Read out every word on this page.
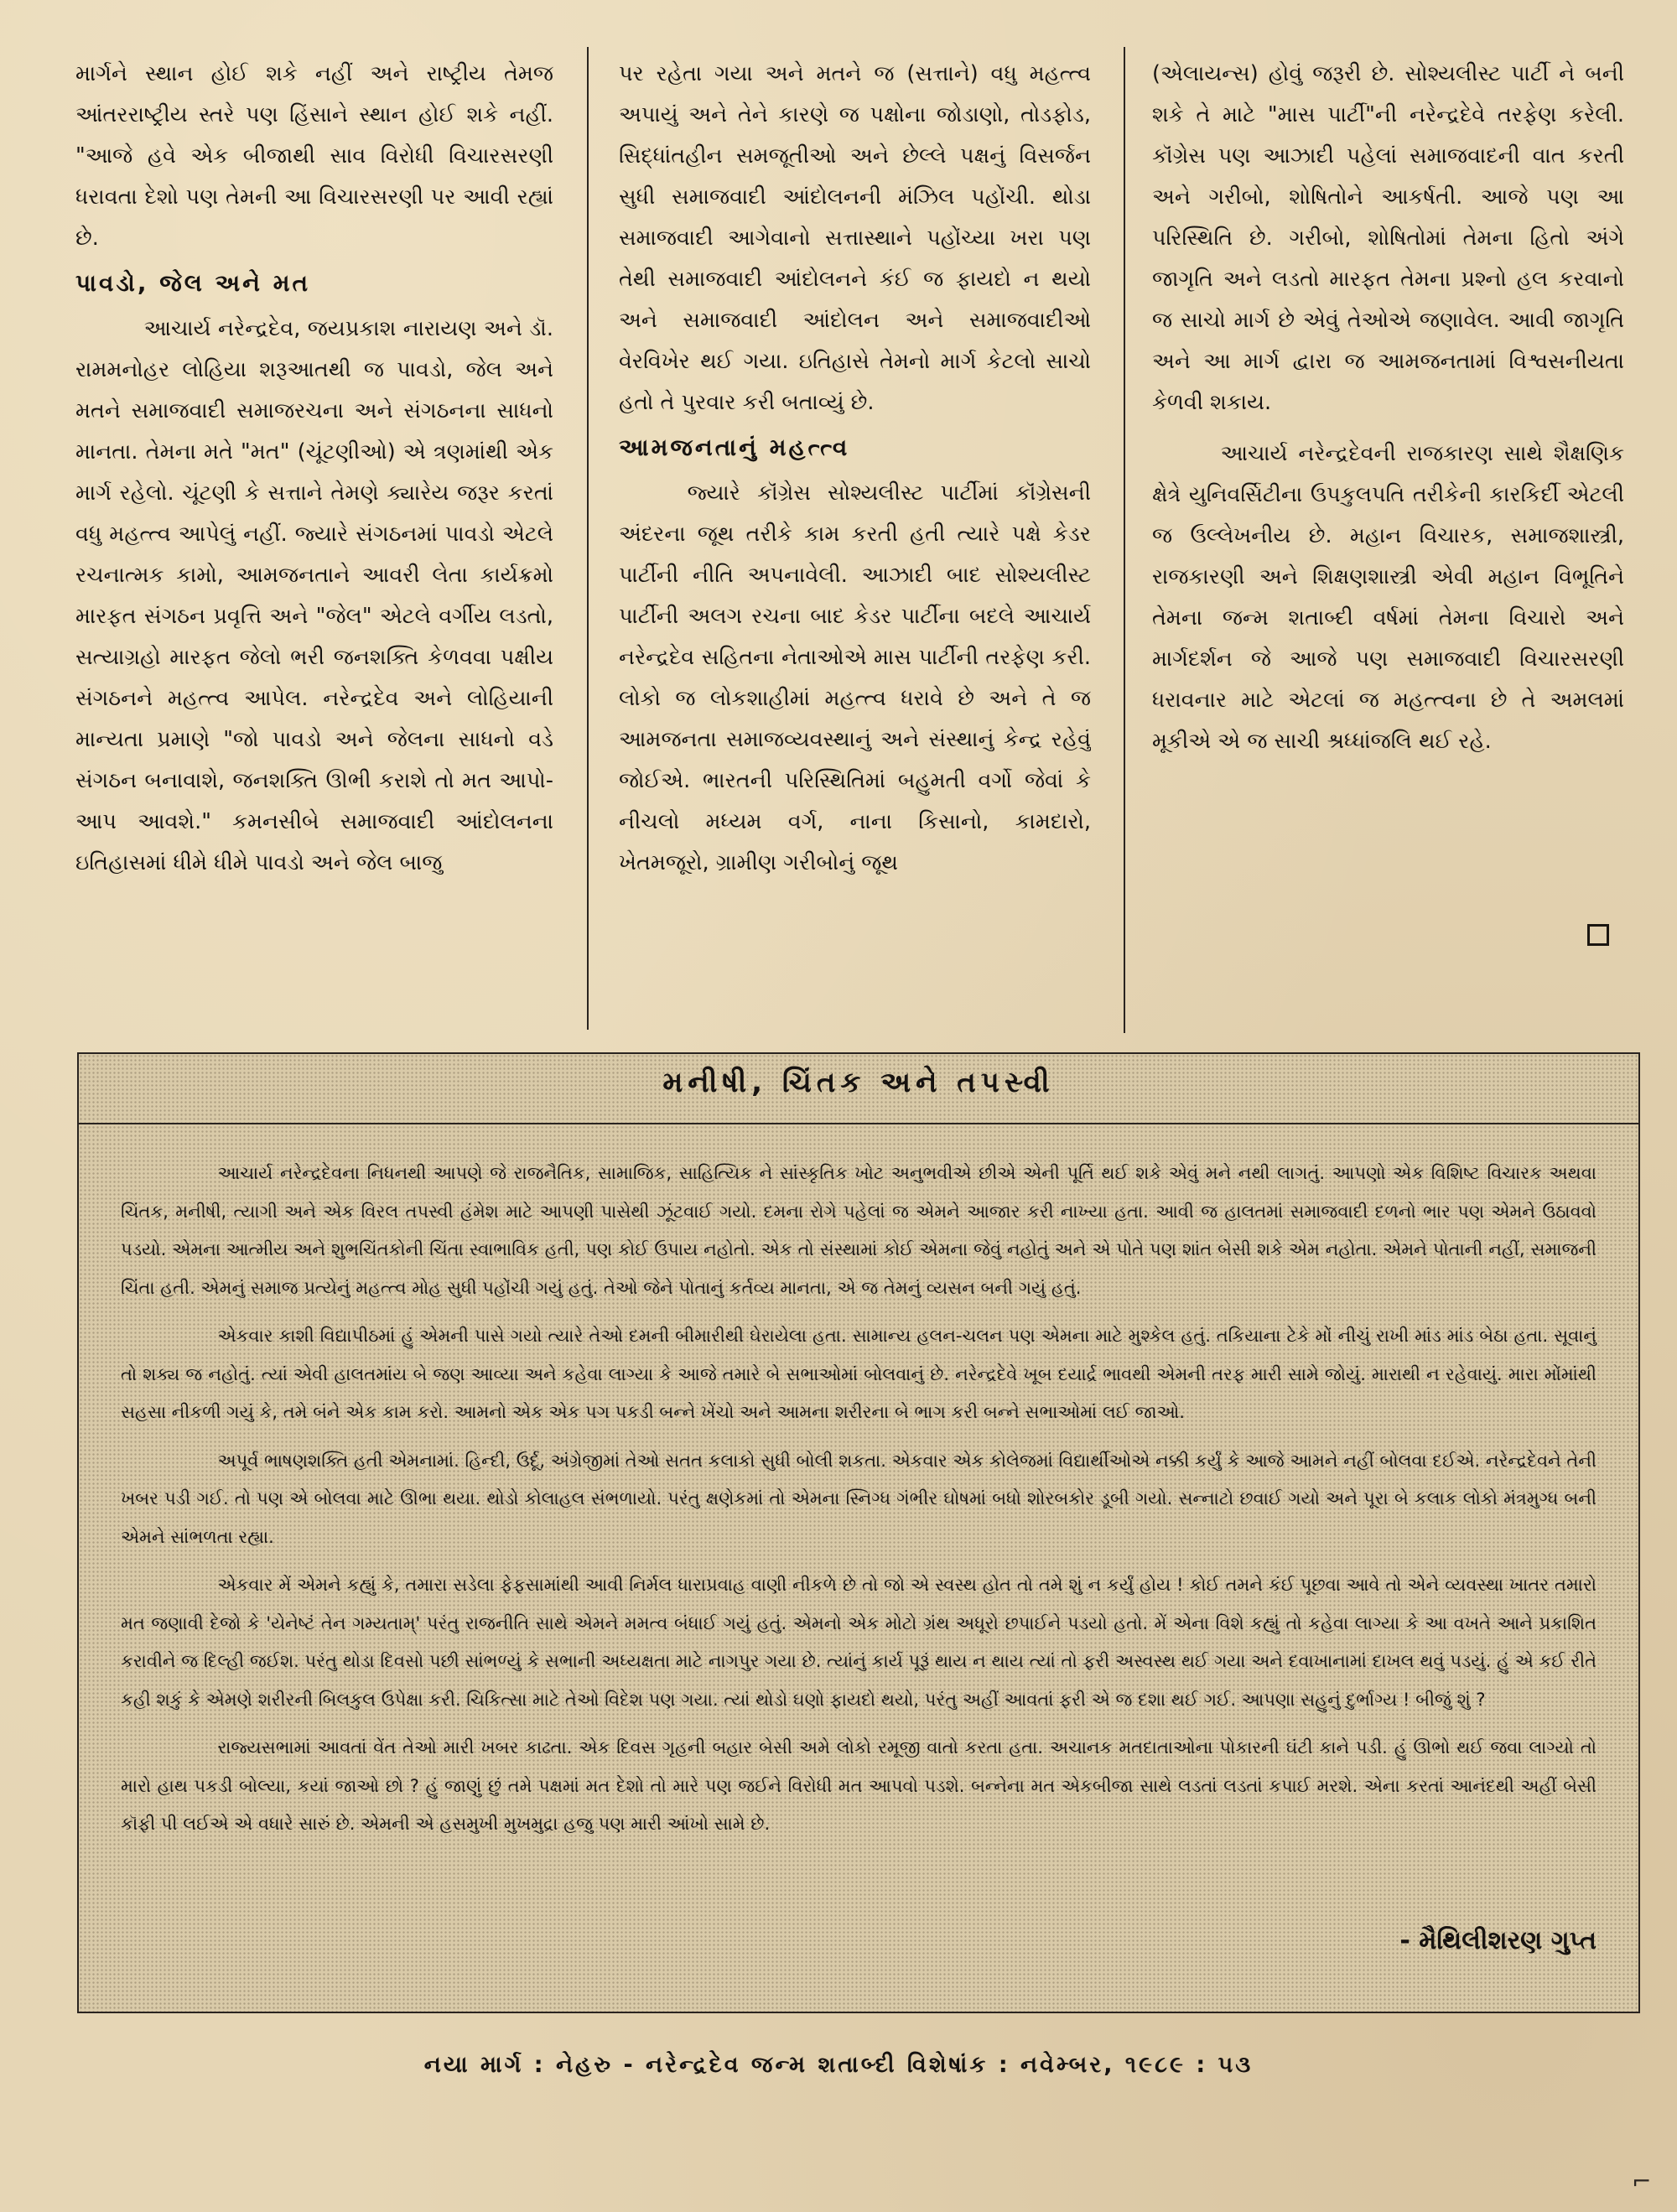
માર્ગને સ્થાન હોઈ શકે નહીં અને રાષ્ટ્રીય તેમજ આંતરરાષ્ટ્રીય સ્તરે પણ હિંસાને સ્થાન હોઈ શકે નહીં. "આજે હવે એક બીજાથી સાવ વિરોધી વિચારસરણી ધરાવતા દેશો પણ તેમની આ વિચારસરણી પર આવી રહ્યાં છે.

પાવડો, જેલ અને મત

આચાર્ય નરેન્દ્રદેવ, જયપ્રકાશ નારાયણ અને ડૉ. રામમનોહર લોહિયા શરૂઆતથી જ પાવડો, જેલ અને મતને સમાજવાદી સમાજરચના અને સંગઠનના સાધનો માનતા. તેમના મતે "મત" (ચૂંટણીઓ) એ ત્રણમાંથી એક માર્ગ રહેલો. ચૂંટણી કે સત્તાને તેમણે ક્યારેય જરૂર કરતાં વધુ મહત્ત્વ આપેલું નહીં. જ્યારે સંગઠનમાં પાવડો એટલે રચનાત્મક કામો, આમજનતાને આવરી લેતા કાર્યક્રમો મારફત સંગઠન પ્રવૃત્તિ અને "જેલ" એટલે વર્ગીય લડતો, સત્યાગ્રહો મારફત જેલો ભરી જનશક્તિ કેળવવા પક્ષીય સંગઠનને મહત્ત્વ આપેલ. નરેન્દ્રદેવ અને લોહિયાની માન્યતા પ્રમાણે "જો પાવડો અને જેલના સાધનો વડે સંગઠન બનાવાશે, જનશક્તિ ઊભી કરાશે તો મત આપો-આપ આવશે." કમનસીબે સમાજવાદી આંદોલનના ઇતિહાસમાં ધીમે ધીમે પાવડો અને જેલ બાજુ

પર રહેતા ગયા અને મતને જ (સત્તાને) વધુ મહત્ત્વ અપાયું અને તેને કારણે જ પક્ષોના જોડાણો, તોડફોડ, સિદ્ધાંતહીન સમજૂતીઓ અને છેલ્લે પક્ષનું વિસર્જન સુધી સમાજવાદી આંદોલનની મંઝિલ પહોંચી. થોડા સમાજવાદી આગેવાનો સત્તાસ્થાને પહોંચ્યા ખરા પણ તેથી સમાજવાદી આંદોલનને કંઈ જ ફાયદો ન થયો અને સમાજવાદી આંદોલન અને સમાજવાદીઓ વેરવિખેર થઈ ગયા. ઇતિહાસે તેમનો માર્ગ કેટલો સાચો હતો તે પુરવાર કરી બતાવ્યું છે.

આમજનતાનું મહત્ત્વ

જ્યારે કૉંગ્રેસ સોશ્યલીસ્ટ પાર્ટીમાં કૉંગ્રેસની અંદરના જૂથ તરીકે કામ કરતી હતી ત્યારે પક્ષે કેડર પાર્ટીની નીતિ અપનાવેલી. આઝાદી બાદ સોશ્યલીસ્ટ પાર્ટીની અલગ રચના બાદ કેડર પાર્ટીના બદલે આચાર્ય નરેન્દ્રદેવ સહિતના નેતાઓએ માસ પાર્ટીની તરફેણ કરી. લોકો જ લોકશાહીમાં મહત્ત્વ ધરાવે છે અને તે જ આમજનતા સમાજવ્યવસ્થાનું અને સંસ્થાનું કેન્દ્ર રહેવું જોઈએ. ભારતની પરિસ્થિતિમાં બહુમતી વર્ગો જેવાં કે નીચલો મધ્યમ વર્ગ, નાના કિસાનો, કામદારો, ખેતમજૂરો, ગ્રામીણ ગરીબોનું જૂથ

(એલાયન્સ) હોવું જરૂરી છે. સોશ્યલીસ્ટ પાર્ટી ને બની શકે તે માટે "માસ પાર્ટી"ની નરેન્દ્રદેવે તરફેણ કરેલી. કૉંગ્રેસ પણ આઝાદી પહેલાં સમાજવાદની વાત કરતી અને ગરીબો, શોષિતોને આકર્ષતી. આજે પણ આ પરિસ્થિતિ છે. ગરીબો, શોષિતોમાં તેમના હિતો અંગે જાગૃતિ અને લડતો મારફત તેમના પ્રશ્નો હલ કરવાનો જ સાચો માર્ગ છે એવું તેઓએ જણાવેલ. આવી જાગૃતિ અને આ માર્ગ દ્વારા જ આમજનતામાં વિશ્વસનીયતા કેળવી શકાય.

આચાર્ય નરેન્દ્રદેવની રાજકારણ સાથે શૈક્ષણિક ક્ષેત્રે યુનિવર્સિટીના ઉપકુલપતિ તરીકેની કારકિર્દી એટલી જ ઉલ્લેખનીય છે. મહાન વિચારક, સમાજશાસ્ત્રી, રાજકારણી અને શિક્ષણશાસ્ત્રી એવી મહાન વિભૂતિને તેમના જન્મ શતાબ્દી વર્ષમાં તેમના વિચારો અને માર્ગદર્શન જે આજે પણ સમાજવાદી વિચારસરણી ધરાવનાર માટે એટલાં જ મહત્ત્વના છે તે અમલમાં મૂકીએ એ જ સાચી શ્રધ્ધાંજલિ થઈ રહે.

મનીષી, ચિંતક અને તપસ્વી

આચાર્ય નરેન્દ્રદેવના નિધનથી આપણે જે રાજનૈતિક, સામાજિક, સાહિત્યિક ને સાંસ્કૃતિક ખોટ અનુભવીએ છીએ એની પૂર્તિ થઈ શકે એવું મને નથી લાગતું. આપણો એક વિશિષ્ટ વિચારક અથવા ચિંતક, મનીષી, ત્યાગી અને એક વિરલ તપસ્વી હંમેશ માટે આપણી પાસેથી ઝૂંટવાઈ ગયો. દમના રોગે પહેલાં જ એમને આજાર કરી નાખ્યા હતા. આવી જ હાલતમાં સમાજવાદી દળનો ભાર પણ એમને ઉઠાવવો પડયો. એમના આત્મીય અને શુભચિંતકોની ચિંતા સ્વાભાવિક હતી, પણ કોઈ ઉપાય નહોતો. એક તો સંસ્થામાં કોઈ એમના જેવું નહોતું અને એ પોતે પણ શાંત બેસી શકે એમ નહોતા. એમને પોતાની નહીં, સમાજની ચિંતા હતી. એમનું સમાજ પ્રત્યેનું મહત્ત્વ મોહ સુધી પહોંચી ગયું હતું. તેઓ જેને પોતાનું કર્તવ્ય માનતા, એ જ તેમનું વ્યસન બની ગયું હતું.

એકવાર કાશી વિદ્યાપીઠમાં હું એમની પાસે ગયો ત્યારે તેઓ દમની બીમારીથી ઘેરાયેલા હતા. સામાન્ય હલન-ચલન પણ એમના માટે મુશ્કેલ હતું. તકિયાના ટેકે મોં નીચું રાખી માંડ માંડ બેઠા હતા. સૂવાનું તો શક્ય જ નહોતું. ત્યાં એવી હાલતમાંય બે જણ આવ્યા અને કહેવા લાગ્યા કે આજે તમારે બે સભાઓમાં બોલવાનું છે. નરેન્દ્રદેવે ખૂબ દયાર્દ્ર ભાવથી એમની તરફ મારી સામે જોયું. મારાથી ન રહેવાયું. મારા મોંમાંથી સહસા નીકળી ગયું કે, તમે બંને એક કામ કરો. આમનો એક એક પગ પકડી બન્ને ખેંચો અને આમના શરીરના બે ભાગ કરી બન્ને સભાઓમાં લઈ જાઓ.

અપૂર્વ ભાષણશક્તિ હતી એમનામાં. હિન્દી, ઉર્દૂ, અંગ્રેજીમાં તેઓ સતત કલાકો સુધી બોલી શકતા. એકવાર એક કોલેજમાં વિદ્યાર્થીઓએ નક્કી કર્યું કે આજે આમને નહીં બોલવા દઈએ. નરેન્દ્રદેવને તેની ખબર પડી ગઈ. તો પણ એ બોલવા માટે ઊભા થયા. થોડો કોલાહલ સંભળાયો. પરંતુ ક્ષણેકમાં તો એમના સ્નિગ્ધ ગંભીર ઘોષમાં બધો શોરબકોર ડૂબી ગયો. સન્નાટો છવાઈ ગયો અને પૂરા બે કલાક લોકો મંત્રમુગ્ધ બની એમને સાંભળતા રહ્યા.

એકવાર મેં એમને કહ્યું કે, તમારા સડેલા ફેફસામાંથી આવી નિર્મલ ધારાપ્રવાહ વાણી નીકળે છે તો જો એ સ્વસ્થ હોત તો તમે શું ન કર્યું હોય ! કોઈ તમને કંઈ પૂછવા આવે તો એને વ્યવસ્થા ખાતર તમારો મત જણાવી દેજો કે 'યેનેષ્ટં તેન ગમ્યતામ્' પરંતુ રાજનીતિ સાથે એમને મમત્વ બંધાઈ ગયું હતું. એમનો એક મોટો ગ્રંથ અધૂરો છપાઈને પડયો હતો. મેં એના વિશે કહ્યું તો કહેવા લાગ્યા કે આ વખતે આને પ્રકાશિત કરાવીને જ દિલ્હી જઈશ. પરંતુ થોડા દિવસો પછી સાંભળ્યું કે સભાની અધ્યક્ષતા માટે નાગપુર ગયા છે. ત્યાંનું કાર્ય પૂરૂં થાય ન થાય ત્યાં તો ફરી અસ્વસ્થ થઈ ગયા અને દવાખાનામાં દાખલ થવું પડયું. હું એ કઈ રીતે કહી શકું કે એમણે શરીરની બિલકુલ ઉપેક્ષા કરી. ચિકિત્સા માટે તેઓ વિદેશ પણ ગયા. ત્યાં થોડો ઘણો ફાયદો થયો, પરંતુ અહીં આવતાં ફરી એ જ દશા થઈ ગઈ. આપણા સહુનું દુર્ભાગ્ય ! બીજું શું ?

રાજ્યસભામાં આવતાં વેંત તેઓ મારી ખબર કાઢતા. એક દિવસ ગૃહની બહાર બેસી અમે લોકો રમૂજી વાતો કરતા હતા. અચાનક મતદાતાઓના પોકારની ઘંટી કાને પડી. હું ઊભો થઈ જવા લાગ્યો તો મારો હાથ પકડી બોલ્યા, કયાં જાઓ છો ? હું જાણું છું તમે પક્ષમાં મત દેશો તો મારે પણ જઈને વિરોધી મત આપવો પડશે. બન્નેના મત એકબીજા સાથે લડતાં લડતાં કપાઈ મરશે. એના કરતાં આનંદથી અહીં બેસી કૉફી પી લઈએ એ વધારે સારું છે. એમની એ હસમુખી મુખમુદ્રા હજુ પણ મારી આંખો સામે છે.

- મૈથિલીશરણ ગુપ્ત
નયા માર્ગ : નેહરુ - નરેન્દ્રદેવ જન્મ શતાબ્દી વિશેષાંક : નવેમ્બર, ૧૯૮૯ : ૫૩
⌐
